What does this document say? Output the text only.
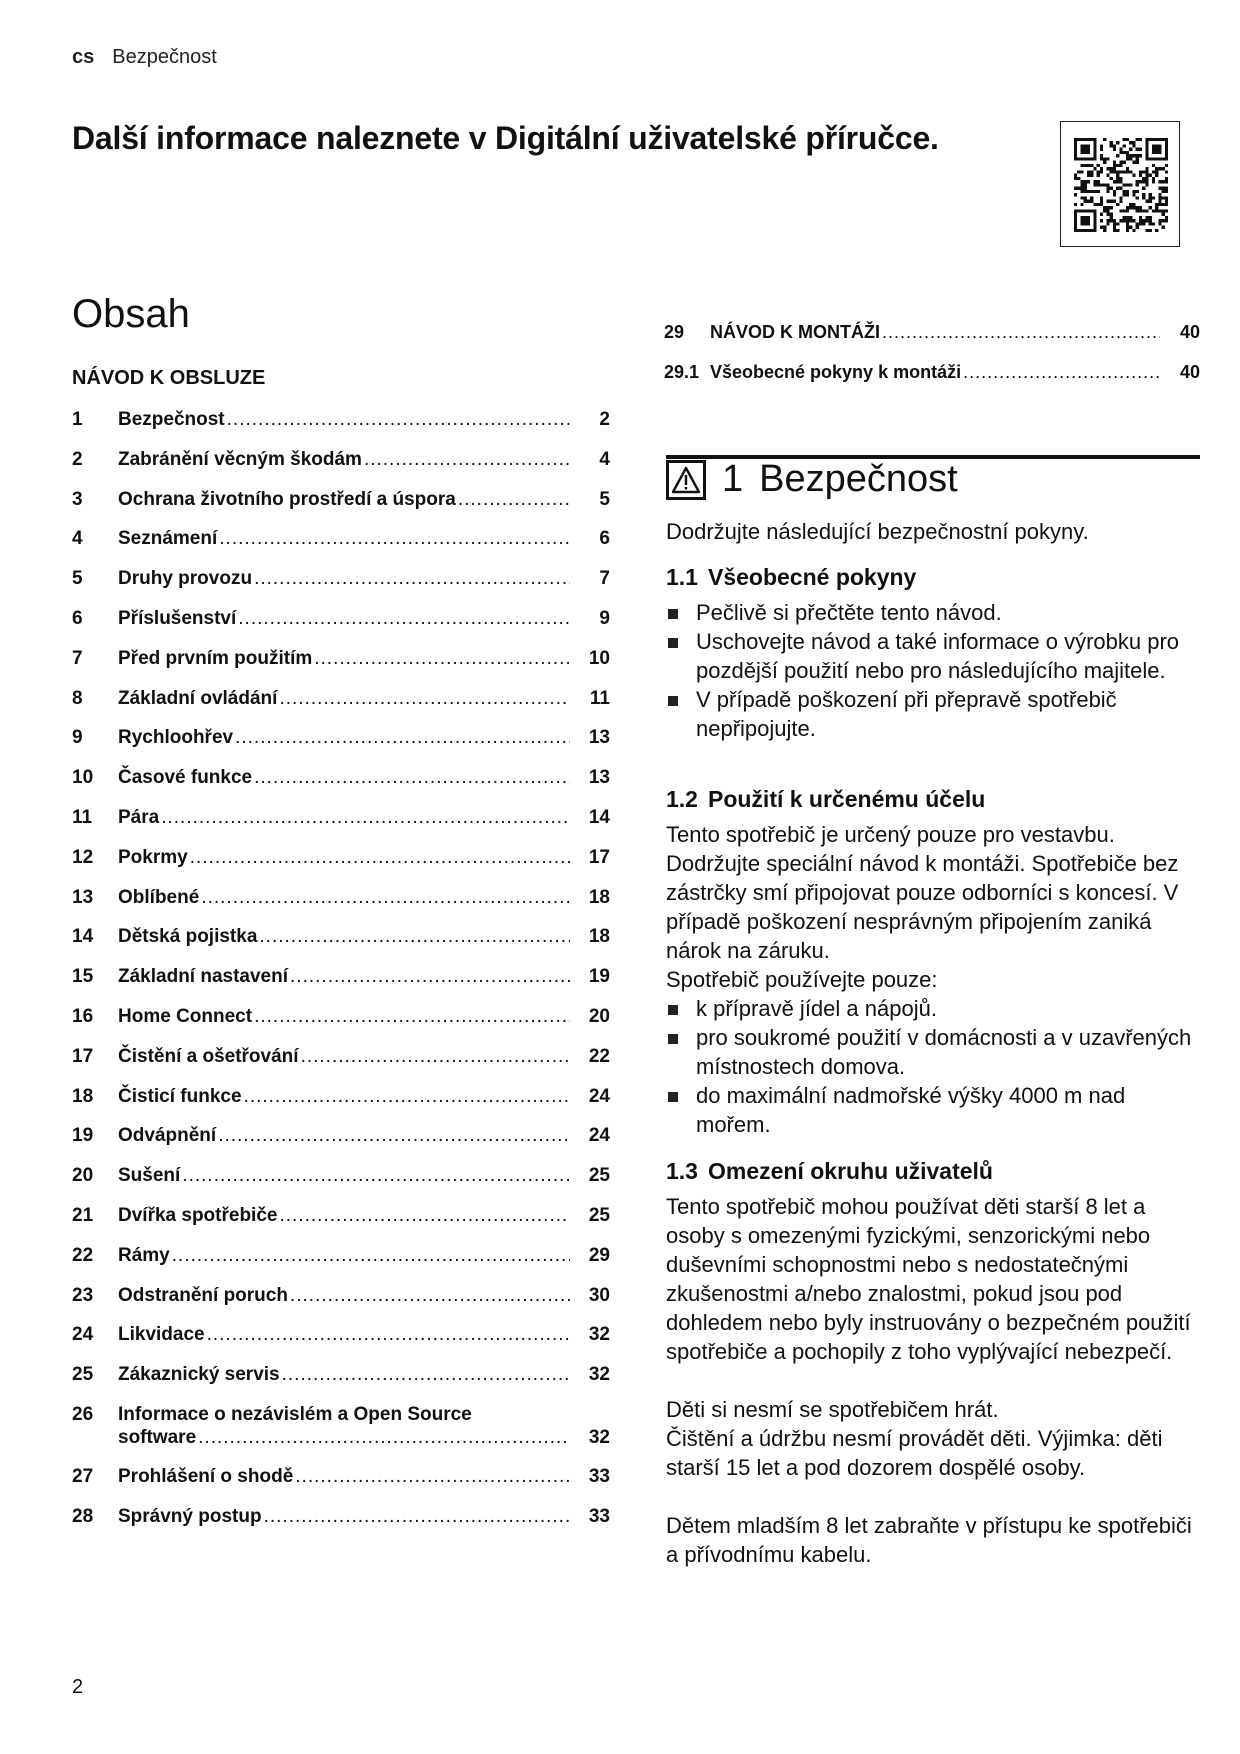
cs Bezpečnost
Další informace naleznete v Digitální uživatelské příručce.
Obsah
NÁVOD K OBSLUZE
1 Bezpečnost .....	2
2 Zabránění věcným škodám .....	4
3 Ochrana životního prostředí a úspora .....	5
4 Seznámení .....	6
5 Druhy provozu .....	7
6 Příslušenství .....	9
7 Před prvním použitím .....	10
8 Základní ovládání .....	11
9 Rychloohřev .....	13
10 Časové funkce .....	13
11 Pára .....	14
12 Pokrmy .....	17
13 Oblíbené .....	18
14 Dětská pojistka .....	18
15 Základní nastavení .....	19
16 Home Connect .....	20
17 Čistění a ošetřování .....	22
18 Čisticí funkce .....	24
19 Odvápnění .....	24
20 Sušení .....	25
21 Dvířka spotřebiče .....	25
22 Rámy .....	29
23 Odstranění poruch .....	30
24 Likvidace .....	32
25 Zákaznický servis .....	32
26 Informace o nezávislém a Open Source
software .....	32
27 Prohlášení o shodě .....	33
28 Správný postup .....	33
29 NÁVOD K MONTÁŽI .....	40
29.1 Všeobecné pokyny k montáži .....	40
1 Bezpečnost
Dodržujte následující bezpečnostní pokyny.
1.1 Všeobecné pokyny
Pečlivě si přečtěte tento návod.
Uschovejte návod a také informace o výrobku pro pozdější použití nebo pro následujícího majitele.
V případě poškození při přepravě spotřebič nepřipojujte.
1.2 Použití k určenému účelu
Tento spotřebič je určený pouze pro vestavbu. Dodržujte speciální návod k montáži. Spotřebiče bez zástrčky smí připojovat pouze odborníci s koncesí. V případě poškození nesprávným připojením zaniká nárok na záruku.
Spotřebič používejte pouze:
k přípravě jídel a nápojů.
pro soukromé použití v domácnosti a v uzavřených místnostech domova.
do maximální nadmořské výšky 4000 m nad mořem.
1.3 Omezení okruhu uživatelů
Tento spotřebič mohou používat děti starší 8 let a osoby s omezenými fyzickými, senzorickými nebo duševními schopnostmi nebo s nedostatečnými zkušenostmi a/nebo znalostmi, pokud jsou pod dohledem nebo byly instruovány o bezpečném použití spotřebiče a pochopily z toho vyplývající nebezpečí.
Děti si nesmí se spotřebičem hrát.
Čištění a údržbu nesmí provádět děti. Výjimka: děti starší 15 let a pod dozorem dospělé osoby.
Dětem mladším 8 let zabraňte v přístupu ke spotřebiči a přívodnímu kabelu.
2
